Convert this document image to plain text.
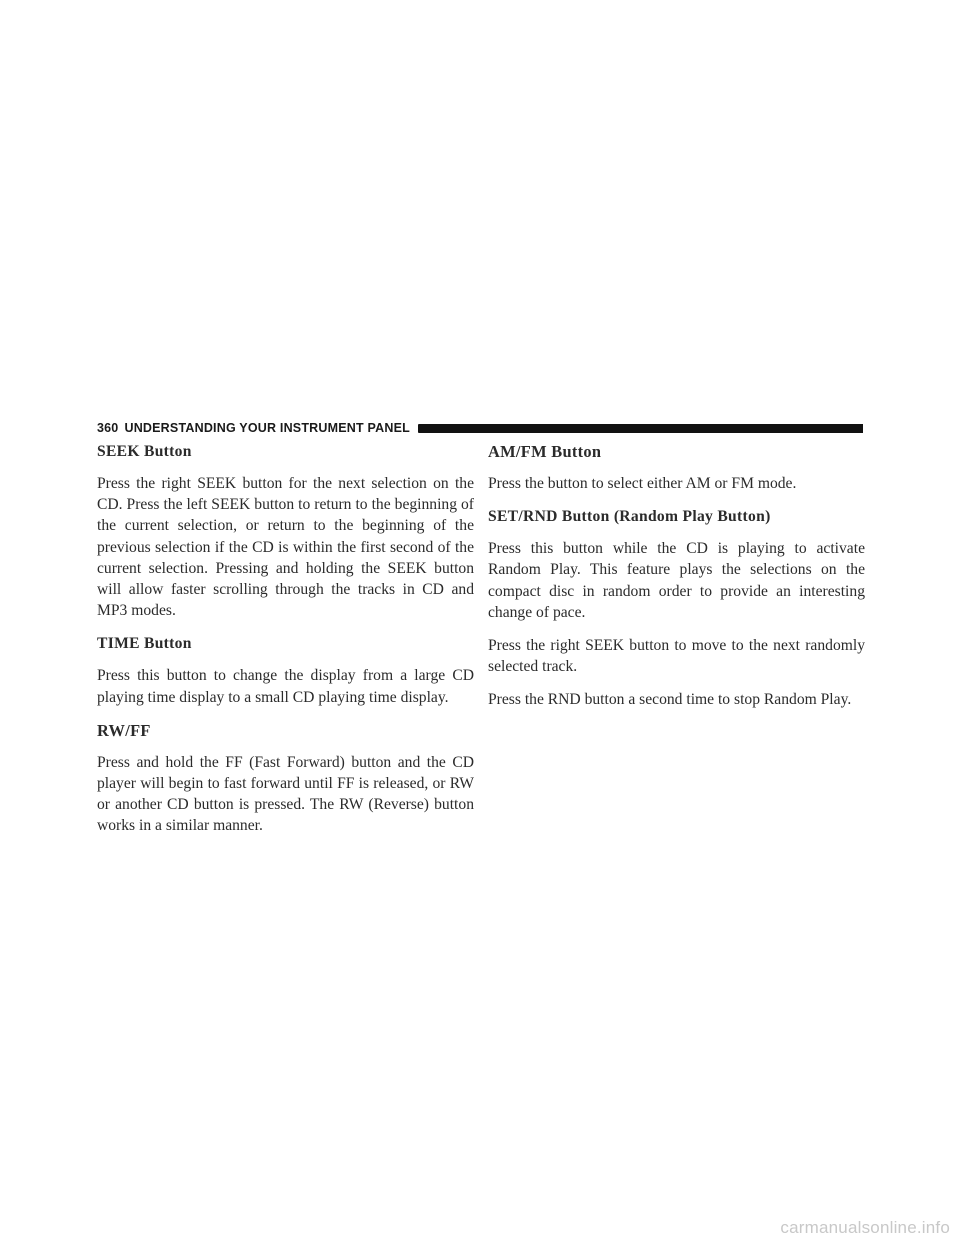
360 UNDERSTANDING YOUR INSTRUMENT PANEL
SEEK Button

Press the right SEEK button for the next selection on the CD. Press the left SEEK button to return to the beginning of the current selection, or return to the beginning of the previous selection if the CD is within the first second of the current selection. Pressing and holding the SEEK button will allow faster scrolling through the tracks in CD and MP3 modes.

TIME Button

Press this button to change the display from a large CD playing time display to a small CD playing time display.

RW/FF

Press and hold the FF (Fast Forward) button and the CD player will begin to fast forward until FF is released, or RW or another CD button is pressed. The RW (Reverse) button works in a similar manner.

AM/FM Button

Press the button to select either AM or FM mode.

SET/RND Button (Random Play Button)

Press this button while the CD is playing to activate Random Play. This feature plays the selections on the compact disc in random order to provide an interesting change of pace.

Press the right SEEK button to move to the next randomly selected track.

Press the RND button a second time to stop Random Play.

carmanualsonline.info
